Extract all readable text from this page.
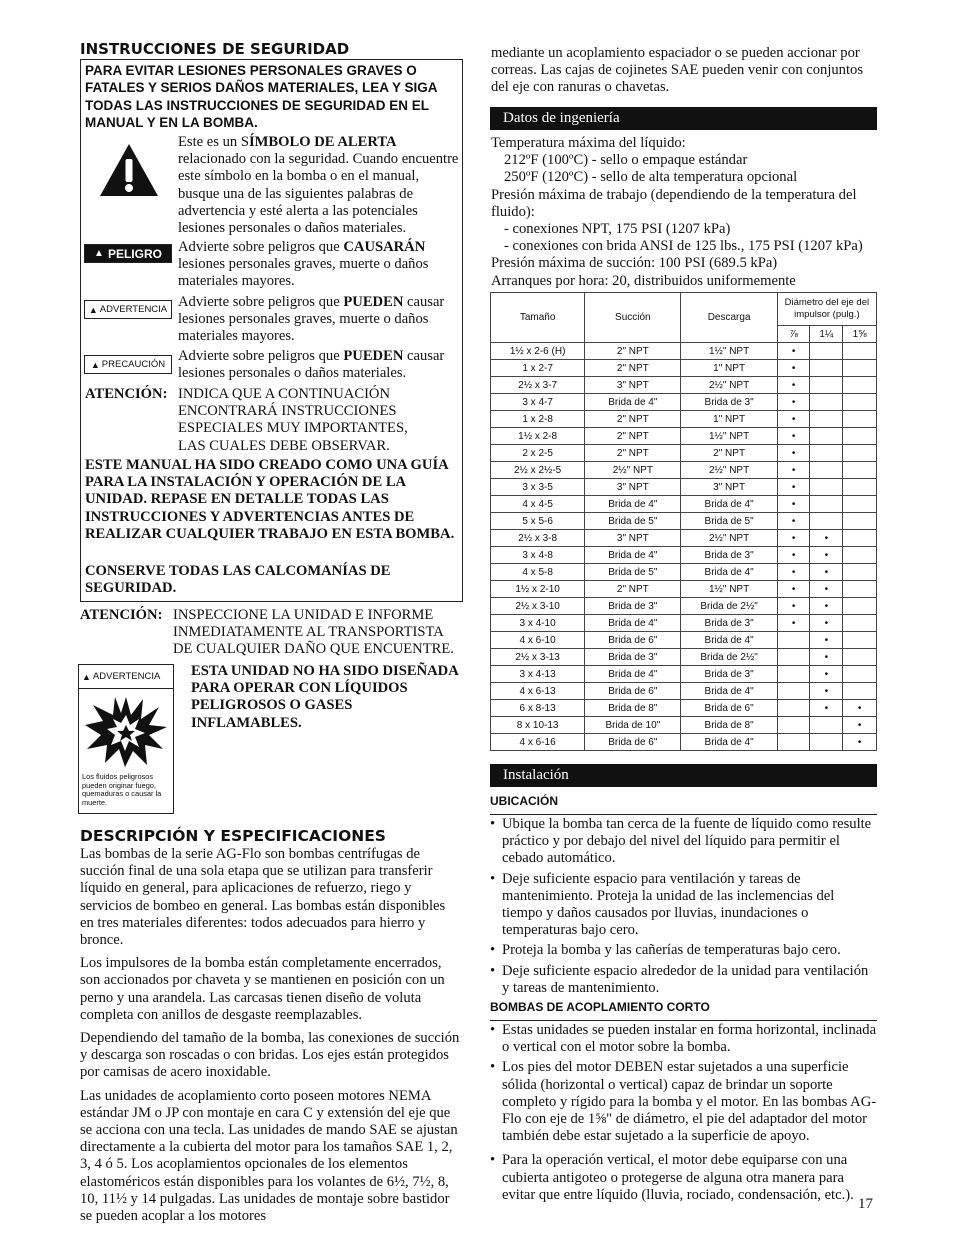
INSTRUCCIONES DE SEGURIDAD

PARA EVITAR LESIONES PERSONALES GRAVES O FATALES Y SERIOS DAÑOS MATERIALES, LEA Y SIGA TODAS LAS INSTRUCCIONES DE SEGURIDAD EN EL MANUAL Y EN LA BOMBA.

Este es un SÍMBOLO DE ALERTA relacionado con la seguridad. Cuando encuentre este símbolo en la bomba o en el manual, busque una de las siguientes palabras de advertencia y esté alerta a las potenciales lesiones personales o daños materiales.

▲ PELIGRO Advierte sobre peligros que CAUSARÁN lesiones personales graves, muerte o daños materiales mayores.

▲ ADVERTENCIA Advierte sobre peligros que PUEDEN causar lesiones personales graves, muerte o daños materiales mayores.

▲ PRECAUCIÓN

Advierte sobre peligros que PUEDEN causar lesiones personales o daños materiales.

ATENCIÓN: INDICA QUE A CONTINUACIÓN ENCONTRARÁ INSTRUCCIONES ESPECIALES MUY IMPORTANTES, LAS CUALES DEBE OBSERVAR.

ESTE MANUAL HA SIDO CREADO COMO UNA GUÍA PARA LA INSTALACIÓN Y OPERACIÓN DE LA UNIDAD. REPASE EN DETALLE TODAS LAS INSTRUCCIONES Y ADVERTENCIAS ANTES DE REALIZAR CUALQUIER TRABAJO EN ESTA BOMBA.

CONSERVE TODAS LAS CALCOMANÍAS DE SEGURIDAD.

ATENCIÓN: INSPECCIONE LA UNIDAD E INFORME INMEDIATAMENTE AL TRANSPORTISTA DE CUALQUIER DAÑO QUE ENCUENTRE.

▲ ADVERTENCIA

Los fluidos peligrosos pueden originar fuego, quemaduras o causar la muerte.

ESTA UNIDAD NO HA SIDO DISEÑADA PARA OPERAR CON LÍQUIDOS PELIGROSOS O GASES INFLAMABLES.

DESCRIPCIÓN Y ESPECIFICACIONES

Las bombas de la serie AG-Flo son bombas centrífugas de succión final de una sola etapa que se utilizan para transferir líquido en general, para aplicaciones de refuerzo, riego y servicios de bombeo en general. Las bombas están disponibles en tres materiales diferentes: todos adecuados para hierro y bronce.

Los impulsores de la bomba están completamente encerrados, son accionados por chaveta y se mantienen en posición con un perno y una arandela. Las carcasas tienen diseño de voluta completa con anillos de desgaste reemplazables.

Dependiendo del tamaño de la bomba, las conexiones de succión y descarga son roscadas o con bridas. Los ejes están protegidos por camisas de acero inoxidable.

Las unidades de acoplamiento corto poseen motores NEMA estándar JM o JP con montaje en cara C y extensión del eje que se acciona con una tecla. Las unidades de mando SAE se ajustan directamente a la cubierta del motor para los tamaños SAE 1, 2, 3, 4 ó 5. Los acoplamientos opcionales de los elementos elastoméricos están disponibles para los volantes de 6½, 7½, 8, 10, 11½ y 14 pulgadas. Las unidades de montaje sobre bastidor se pueden acoplar a los motores

mediante un acoplamiento espaciador o se pueden accionar por correas. Las cajas de cojinetes SAE pueden venir con conjuntos del eje con ranuras o chavetas.

Datos de ingeniería

Temperatura máxima del líquido:

212ºF (100ºC) - sello o empaque estándar

250ºF (120ºC) - sello de alta temperatura opcional

Presión máxima de trabajo (dependiendo de la temperatura del fluido):

- conexiones NPT, 175 PSI (1207 kPa)

- conexiones con brida ANSI de 125 lbs., 175 PSI (1207 kPa)

Presión máxima de succión: 100 PSI (689.5 kPa)

Arranques por hora: 20, distribuidos uniformemente

Tamaño	Succión	Descarga	Diámetro del eje del impulsor (pulg.)		
			⅞	1¼	1⅝
1½ x 2-6 (H)	2" NPT	1½" NPT	•		
1 x 2-7	2" NPT	1" NPT	•		
2½ x 3-7	3" NPT	2½" NPT	•		
3 x 4-7	Brida de 4"	Brida de 3"	•		
1 x 2-8	2" NPT	1" NPT	•		
1½ x 2-8	2" NPT	1½" NPT	•		
2 x 2-5	2" NPT	2" NPT	•		
2½ x 2½-5	2½" NPT	2½" NPT	•		
3 x 3-5	3" NPT	3" NPT	•		
4 x 4-5	Brida de 4"	Brida de 4"	•		
5 x 5-6	Brida de 5"	Brida de 5"	•		
2½ x 3-8	3" NPT	2½" NPT	•	•	
3 x 4-8	Brida de 4"	Brida de 3"	•	•	
4 x 5-8	Brida de 5"	Brida de 4"	•	•	
1½ x 2-10	2" NPT	1½" NPT	•	•	
2½ x 3-10	Brida de 3"	Brida de 2½"	•	•	
3 x 4-10	Brida de 4"	Brida de 3"	•	•	
4 x 6-10	Brida de 6"	Brida de 4"		•	
2½ x 3-13	Brida de 3"	Brida de 2½"		•	
3 x 4-13	Brida de 4"	Brida de 3"		•	
4 x 6-13	Brida de 6"	Brida de 4"		•	
6 x 8-13	Brida de 8"	Brida de 6"		•	•
8 x 10-13	Brida de 10"	Brida de 8"			•
4 x 6-16	Brida de 6"	Brida de 4"			•
Instalación
UBICACIÓN
• Ubique la bomba tan cerca de la fuente de líquido como resulte práctico y por debajo del nivel del líquido para permitir el cebado automático.
• Deje suficiente espacio para ventilación y tareas de mantenimiento. Proteja la unidad de las inclemencias del tiempo y daños causados por lluvias, inundaciones o temperaturas bajo cero.
• Proteja la bomba y las cañerías de temperaturas bajo cero.
• Deje suficiente espacio alrededor de la unidad para ventilación y tareas de mantenimiento.
BOMBAS DE ACOPLAMIENTO CORTO
• Estas unidades se pueden instalar en forma horizontal, inclinada o vertical con el motor sobre la bomba.
• Los pies del motor DEBEN estar sujetados a una superficie sólida (horizontal o vertical) capaz de brindar un soporte completo y rígido para la bomba y el motor. En las bombas AG-Flo con eje de 1⅝" de diámetro, el pie del adaptador del motor también debe estar sujetado a la superficie de apoyo.
• Para la operación vertical, el motor debe equiparse con una cubierta antigoteo o protegerse de alguna otra manera para evitar que entre líquido (lluvia, rociado, condensación, etc.).
17
